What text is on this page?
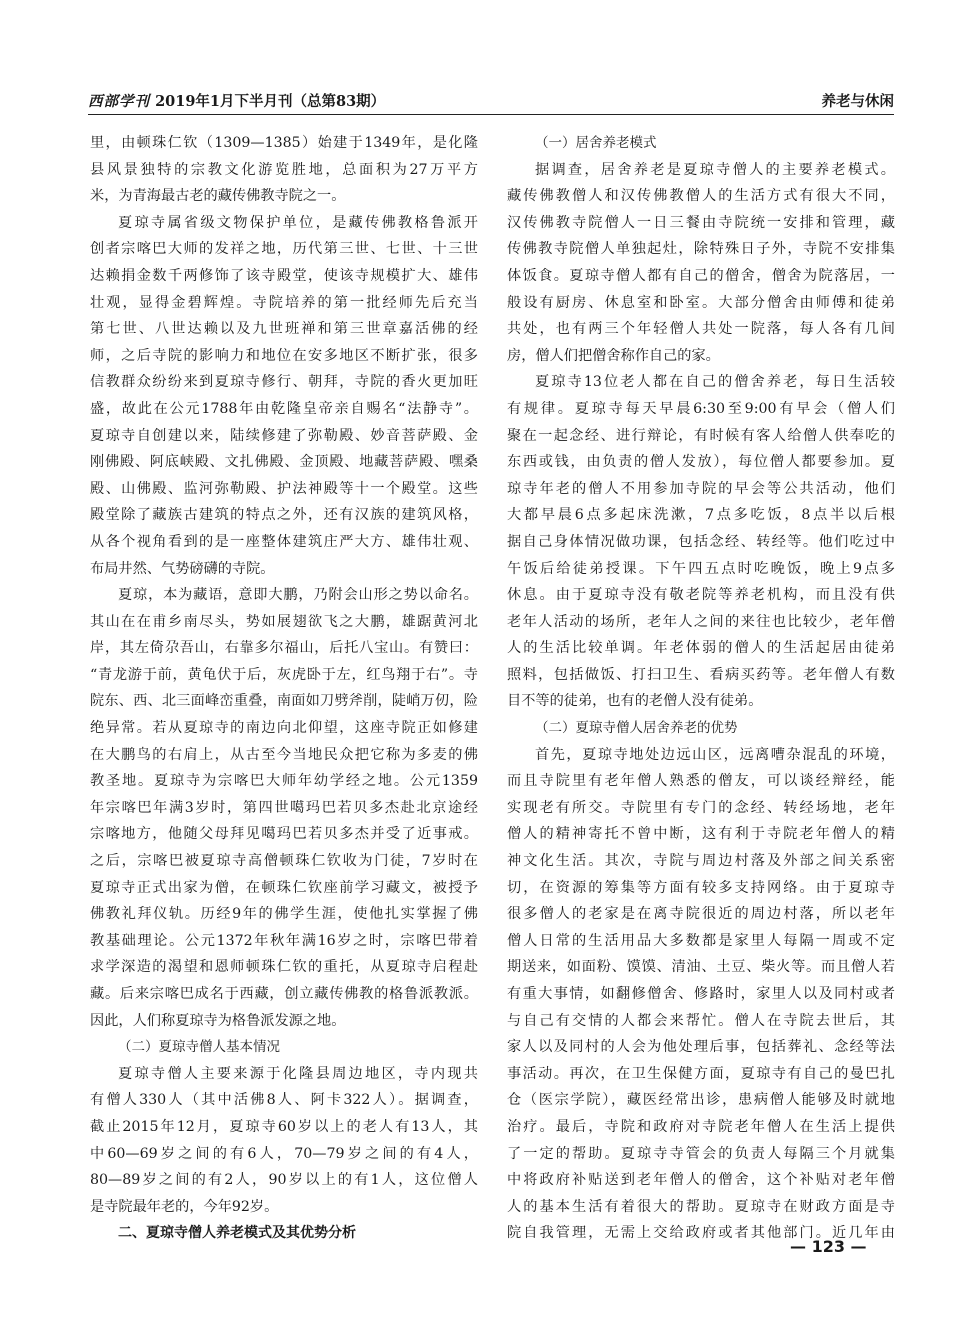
西部学刊 2019年1月下半月刊（总第83期）	养老与休闲
里，由顿珠仁钦（1309—1385）始建于1349年，是化隆
县风景独特的宗教文化游览胜地，总面积为27万平方
米，为青海最古老的藏传佛教寺院之一。
夏琼寺属省级文物保护单位，是藏传佛教格鲁派开
创者宗喀巴大师的发祥之地，历代第三世、七世、十三世
达赖捐金数千两修饰了该寺殿堂，使该寺规模扩大、雄伟
壮观，显得金碧辉煌。寺院培养的第一批经师先后充当
第七世、八世达赖以及九世班禅和第三世章嘉活佛的经
师，之后寺院的影响力和地位在安多地区不断扩张，很多
信教群众纷纷来到夏琼寺修行、朝拜，寺院的香火更加旺
盛，故此在公元1788年由乾隆皇帝亲自赐名“法静寺”。
夏琼寺自创建以来，陆续修建了弥勒殿、妙音菩萨殿、金
刚佛殿、阿底峡殿、文扎佛殿、金顶殿、地藏菩萨殿、嘿桑
殿、山佛殿、监河弥勒殿、护法神殿等十一个殿堂。这些
殿堂除了藏族古建筑的特点之外，还有汉族的建筑风格，
从各个视角看到的是一座整体建筑庄严大方、雄伟壮观、
布局井然、气势磅礴的寺院。
夏琼，本为藏语，意即大鹏，乃附会山形之势以命名。
其山在在甫乡南尽头，势如展翅欲飞之大鹏，雄踞黄河北
岸，其左倚尕吾山，右靠多尔福山，后托八宝山。有赞曰：
“青龙游于前，黄龟伏于后，灰虎卧于左，红鸟翔于右”。寺
院东、西、北三面峰峦重叠，南面如刀劈斧削，陡峭万仞，险
绝异常。若从夏琼寺的南边向北仰望，这座寺院正如修建
在大鹏鸟的右肩上，从古至今当地民众把它称为多麦的佛
教圣地。夏琼寺为宗喀巴大师年幼学经之地。公元1359
年宗喀巴年满3岁时，第四世噶玛巴若贝多杰赴北京途经
宗喀地方，他随父母拜见噶玛巴若贝多杰并受了近事戒。
之后，宗喀巴被夏琼寺高僧顿珠仁钦收为门徒，7岁时在
夏琼寺正式出家为僧，在顿珠仁钦座前学习藏文，被授予
佛教礼拜仪轨。历经9年的佛学生涯，使他扎实掌握了佛
教基础理论。公元1372年秋年满16岁之时，宗喀巴带着
求学深造的渴望和恩师顿珠仁钦的重托，从夏琼寺启程赴
藏。后来宗喀巴成名于西藏，创立藏传佛教的格鲁派教派。
因此，人们称夏琼寺为格鲁派发源之地。
（二）夏琼寺僧人基本情况
夏琼寺僧人主要来源于化隆县周边地区，寺内现共
有僧人330人（其中活佛8人、阿卡322人）。据调查，
截止2015年12月，夏琼寺60岁以上的老人有13人，其
中60—69岁之间的有6人，70—79岁之间的有4人，
80—89岁之间的有2人，90岁以上的有1人，这位僧人
是寺院最年老的，今年92岁。
二、夏琼寺僧人养老模式及其优势分析
（一）居舍养老模式
据调查，居舍养老是夏琼寺僧人的主要养老模式。
藏传佛教僧人和汉传佛教僧人的生活方式有很大不同，
汉传佛教寺院僧人一日三餐由寺院统一安排和管理，藏
传佛教寺院僧人单独起灶，除特殊日子外，寺院不安排集
体饭食。夏琼寺僧人都有自己的僧舍，僧舍为院落居，一
般设有厨房、休息室和卧室。大部分僧舍由师傅和徒弟
共处，也有两三个年轻僧人共处一院落，每人各有几间
房，僧人们把僧舍称作自己的家。
夏琼寺13位老人都在自己的僧舍养老，每日生活较
有规律。夏琼寺每天早晨6:30至9:00有早会（僧人们
聚在一起念经、进行辩论，有时候有客人给僧人供奉吃的
东西或钱，由负责的僧人发放），每位僧人都要参加。夏
琼寺年老的僧人不用参加寺院的早会等公共活动，他们
大都早晨6点多起床洗漱，7点多吃饭，8点半以后根
据自己身体情况做功课，包括念经、转经等。他们吃过中
午饭后给徒弟授课。下午四五点时吃晚饭，晚上9点多
休息。由于夏琼寺没有敬老院等养老机构，而且没有供
老年人活动的场所，老年人之间的来往也比较少，老年僧
人的生活比较单调。年老体弱的僧人的生活起居由徒弟
照料，包括做饭、打扫卫生、看病买药等。老年僧人有数
目不等的徒弟，也有的老僧人没有徒弟。
（二）夏琼寺僧人居舍养老的优势
首先，夏琼寺地处边远山区，远离嘈杂混乱的环境，
而且寺院里有老年僧人熟悉的僧友，可以谈经辩经，能
实现老有所交。寺院里有专门的念经、转经场地，老年
僧人的精神寄托不曾中断，这有利于寺院老年僧人的精
神文化生活。其次，寺院与周边村落及外部之间关系密
切，在资源的筹集等方面有较多支持网络。由于夏琼寺
很多僧人的老家是在离寺院很近的周边村落，所以老年
僧人日常的生活用品大多数都是家里人每隔一周或不定
期送来，如面粉、馍馍、清油、土豆、柴火等。而且僧人若
有重大事情，如翻修僧舍、修路时，家里人以及同村或者
与自己有交情的人都会来帮忙。僧人在寺院去世后，其
家人以及同村的人会为他处理后事，包括葬礼、念经等法
事活动。再次，在卫生保健方面，夏琼寺有自己的曼巴扎
仓（医宗学院），藏医经常出诊，患病僧人能够及时就地
治疗。最后，寺院和政府对寺院老年僧人在生活上提供
了一定的帮助。夏琼寺寺管会的负责人每隔三个月就集
中将政府补贴送到老年僧人的僧舍，这个补贴对老年僧
人的基本生活有着很大的帮助。夏琼寺在财政方面是寺
院自我管理，无需上交给政府或者其他部门。近几年由
— 123 —
